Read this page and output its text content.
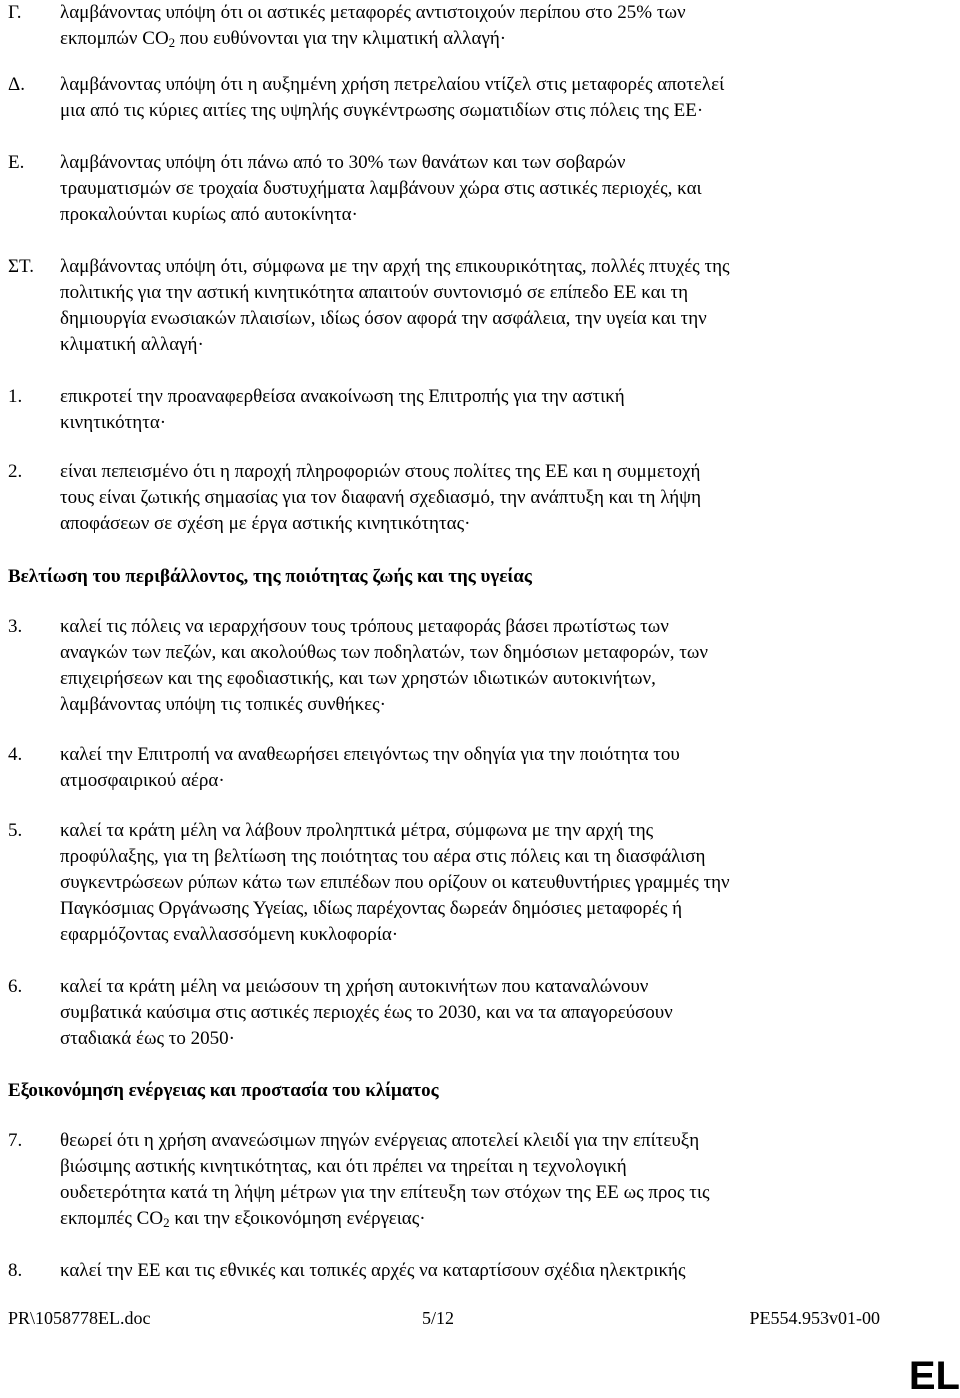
Γ. λαμβάνοντας υπόψη ότι οι αστικές μεταφορές αντιστοιχούν περίπου στο 25% των
εκπομπών $CO_2$ που ευθύνονται για την κλιματική αλλαγή·
Δ. λαμβάνοντας υπόψη ότι η αυξημένη χρήση πετρελαίου ντίζελ στις μεταφορές αποτελεί
μια από τις κύριες αιτίες της υψηλής συγκέντρωσης σωματιδίων στις πόλεις της ΕΕ·
Ε. λαμβάνοντας υπόψη ότι πάνω από το 30% των θανάτων και των σοβαρών
τραυματισμών σε τροχαία δυστυχήματα λαμβάνουν χώρα στις αστικές περιοχές, και
προκαλούνται κυρίως από αυτοκίνητα·
ΣΤ. λαμβάνοντας υπόψη ότι, σύμφωνα με την αρχή της επικουρικότητας, πολλές πτυχές της
πολιτικής για την αστική κινητικότητα απαιτούν συντονισμό σε επίπεδο ΕΕ και τη
δημιουργία ενωσιακών πλαισίων, ιδίως όσον αφορά την ασφάλεια, την υγεία και την
κλιματική αλλαγή·
1. επικροτεί την προαναφερθείσα ανακοίνωση της Επιτροπής για την αστική
κινητικότητα·
2. είναι πεπεισμένο ότι η παροχή πληροφοριών στους πολίτες της ΕΕ και η συμμετοχή
τους είναι ζωτικής σημασίας για τον διαφανή σχεδιασμό, την ανάπτυξη και τη λήψη
αποφάσεων σε σχέση με έργα αστικής κινητικότητας·
Βελτίωση του περιβάλλοντος, της ποιότητας ζωής και της υγείας
3. καλεί τις πόλεις να ιεραρχήσουν τους τρόπους μεταφοράς βάσει πρωτίστως των
αναγκών των πεζών, και ακολούθως των ποδηλατών, των δημόσιων μεταφορών, των
επιχειρήσεων και της εφοδιαστικής, και των χρηστών ιδιωτικών αυτοκινήτων,
λαμβάνοντας υπόψη τις τοπικές συνθήκες·
4. καλεί την Επιτροπή να αναθεωρήσει επειγόντως την οδηγία για την ποιότητα του
ατμοσφαιρικού αέρα·
5. καλεί τα κράτη μέλη να λάβουν προληπτικά μέτρα, σύμφωνα με την αρχή της
προφύλαξης, για τη βελτίωση της ποιότητας του αέρα στις πόλεις και τη διασφάλιση
συγκεντρώσεων ρύπων κάτω των επιπέδων που ορίζουν οι κατευθυντήριες γραμμές την
Παγκόσμιας Οργάνωσης Υγείας, ιδίως παρέχοντας δωρεάν δημόσιες μεταφορές ή
εφαρμόζοντας εναλλασσόμενη κυκλοφορία·
6. καλεί τα κράτη μέλη να μειώσουν τη χρήση αυτοκινήτων που καταναλώνουν
συμβατικά καύσιμα στις αστικές περιοχές έως το 2030, και να τα απαγορεύσουν
σταδιακά έως το 2050·
Εξοικονόμηση ενέργειας και προστασία του κλίματος
7. θεωρεί ότι η χρήση ανανεώσιμων πηγών ενέργειας αποτελεί κλειδί για την επίτευξη
βιώσιμης αστικής κινητικότητας, και ότι πρέπει να τηρείται η τεχνολογική
ουδετερότητα κατά τη λήψη μέτρων για την επίτευξη των στόχων της ΕΕ ως προς τις
εκπομπές $CO_2$ και την εξοικονόμηση ενέργειας·
8. καλεί την ΕΕ και τις εθνικές και τοπικές αρχές να καταρτίσουν σχέδια ηλεκτρικής
PR\1058778EL.doc	5/12	PE554.953v01-00
EL
